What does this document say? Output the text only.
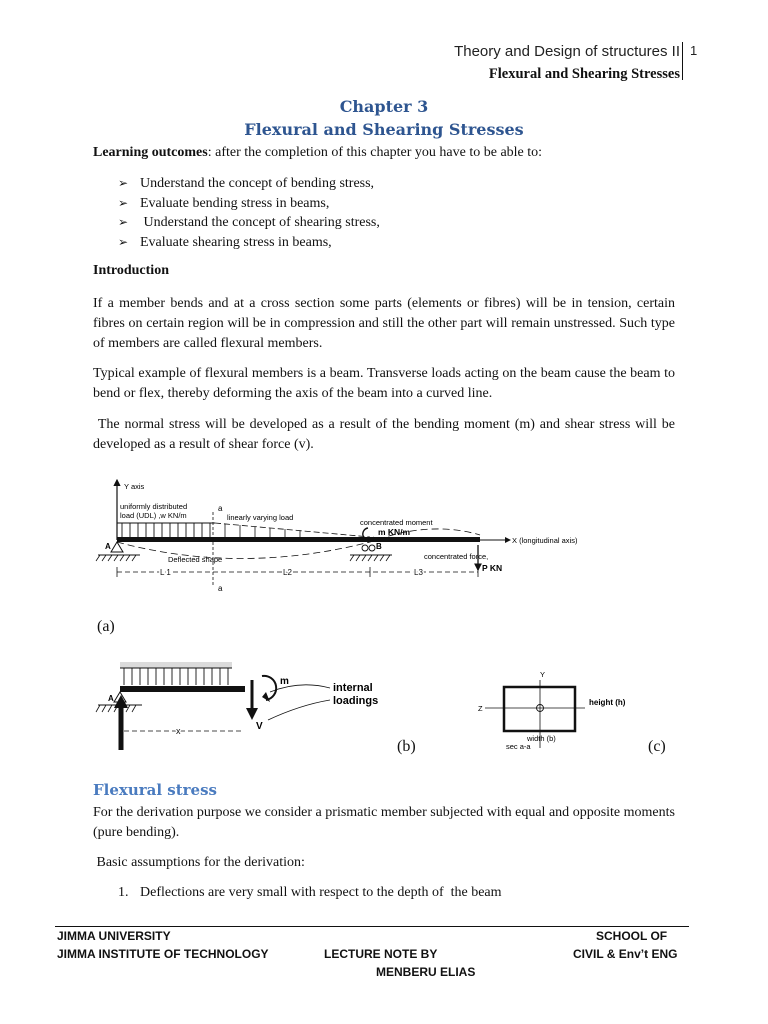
Theory and Design of structures II
Flexural and Shearing Stresses
1
Chapter 3
Flexural and Shearing Stresses
Learning outcomes: after the completion of this chapter you have to be able to:
➢ Understand the concept of bending stress,
➢ Evaluate bending stress in beams,
➢ Understand the concept of shearing stress,
➢ Evaluate shearing stress in beams,
Introduction
If a member bends and at a cross section some parts (elements or fibres) will be in tension, certain fibres on certain region will be in compression and still the other part will remain unstressed. Such type of members are called flexural members.
Typical example of flexural members is a beam. Transverse loads acting on the beam cause the beam to bend or flex, thereby deforming the axis of the beam into a curved line.
The normal stress will be developed as a result of the bending moment (m) and shear stress will be developed as a result of shear force (v).
Y axis
uniformly distributed
load (UDL) ,w KN/m
a
linearly varying load
concentrated moment
m KN/m
X (longitudinal axis)
A	B
Deflected shape	concentrated force,
P KN
a
L 1	L2	L3
(a)
A
m
V
internal
loadings
x
(b)
Y
Z
height (h)
width (b)
sec a-a	(c)
Flexural stress
For the derivation purpose we consider a prismatic member subjected with equal and opposite moments (pure bending).
Basic assumptions for the derivation:
1. Deflections are very small with respect to the depth of  the beam
JIMMA UNIVERSITY	SCHOOL OF
JIMMA INSTITUTE OF TECHNOLOGY	LECTURE NOTE BY	CIVIL & Env’t ENG
MENBERU ELIAS
